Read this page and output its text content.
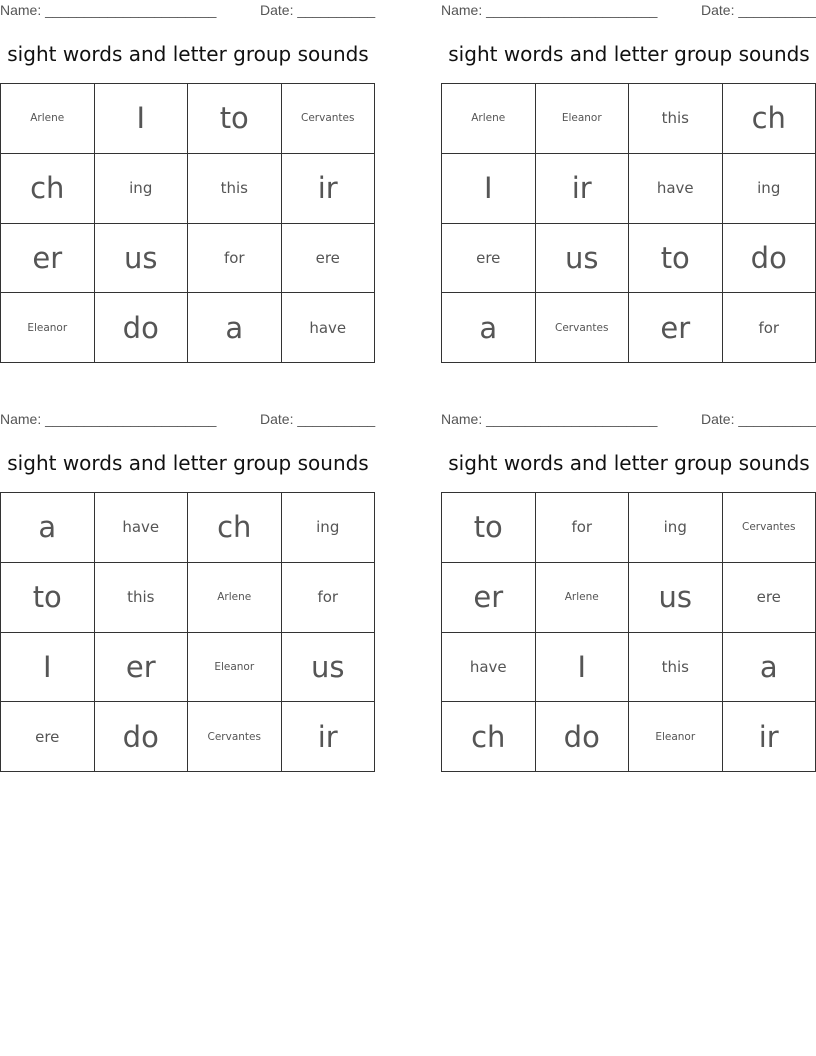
Name: ______________________	Date: __________
sight words and letter group sounds
Arlene	I	to	Cervantes
ch	ing	this	ir
er	us	for	ere
Eleanor	do	a	have
Name: ______________________	Date: __________
sight words and letter group sounds
Arlene	Eleanor	this	ch
I	ir	have	ing
ere	us	to	do
a	Cervantes	er	for
Name: ______________________	Date: __________
sight words and letter group sounds
a	have	ch	ing
to	this	Arlene	for
I	er	Eleanor	us
ere	do	Cervantes	ir
Name: ______________________	Date: __________
sight words and letter group sounds
to	for	ing	Cervantes
er	Arlene	us	ere
have	I	this	a
ch	do	Eleanor	ir
